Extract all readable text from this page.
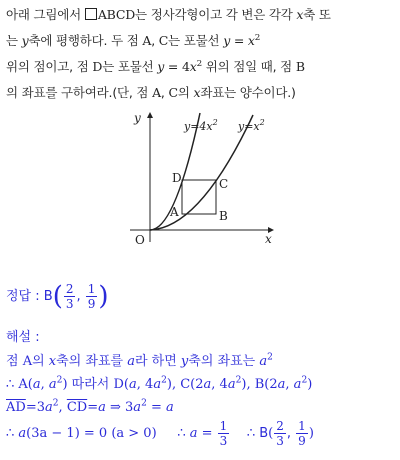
아래 그림에서 ABCD는 정사각형이고 각 변은 각각 x축 또
는 y축에 평행하다. 두 점 A, C는 포물선 $y = x^2$
위의 점이고, 점 D는 포물선 $y = 4x^2$ 위의 점일 때, 점 B
의 좌표를 구하여라.(단, 점 A, C의 x좌표는 양수이다.)
x
y
O
D	C
A	B
$y=4x^2$ $y=x^2$
정답 : $B( \frac{2}{3}$ , $\frac{1}{9}$ )
해설 :
점 A의 x축의 좌표를 a라 하면 y축의 좌표는 $a^2$
∴ A(a, $a^2$) 따라서 D(a, $4a^2$), C(2a, $4a^2$), B(2a, $a^2$)
$\overline{AD}=3a^2$, $\overline{CD}=a$ ⇒ $3a^2 = a$
∴ a(3a − 1) = 0 (a > 0) ∴ $a = \frac{1}{3}$ ∴ $B( \frac{2}{3}$ , $\frac{1}{9}$ )
